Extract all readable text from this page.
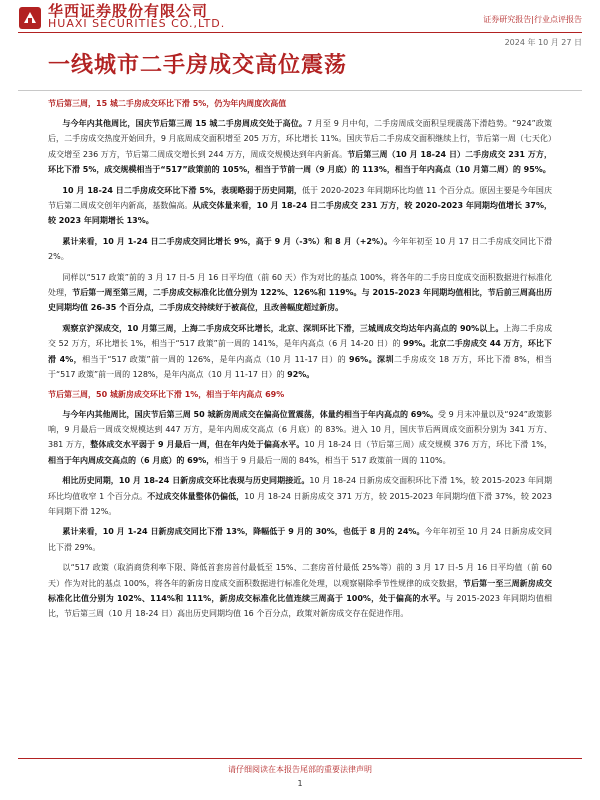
华西证券股份有限公司
HUAXI SECURITIES CO.,LTD.	证券研究报告|行业点评报告
2024 年 10 月 27 日
一线城市二手房成交高位震荡
节后第三周，15 城二手房成交环比下滑 5%，仍为年内周度次高值

与今年内其他周比，国庆节后第三周 15 城二手房周成交处于高位。7 月至 9 月中旬，二手房周成交面积呈现震荡下滑趋势。“924”政策后，二手房成交热度开始回升，9 月底周成交面积增至 205 万方，环比增长 11%。国庆节后二手房成交面积继续上行，节后第一周（七天化）成交增至 236 万方，节后第二周成交增长到 244 万方，周成交规模达到年内新高。节后第三周（10 月 18-24 日）二手房成交 231 万方，环比下滑 5%，成交规模相当于“517”政策前的 105%，相当于节前一周（9 月底）的 113%，相当于年内高点（10 月第二周）的 95%。

10 月 18-24 日二手房成交环比下滑 5%，表现略弱于历史同期，低于 2020-2023 年同期环比均值 11 个百分点。原因主要是今年国庆节后第二周成交创年内新高，基数偏高。从成交体量来看，10 月 18-24 日二手房成交 231 万方，较 2020-2023 年同期均值增长 37%，较 2023 年同期增长 13%。

累计来看，10 月 1-24 日二手房成交同比增长 9%，高于 9 月（-3%）和 8 月（+2%）。今年年初至 10 月 17 日二手房成交同比下滑 2%。

同样以“517 政策”前的 3 月 17 日-5 月 16 日平均值（前 60 天）作为对比的基点 100%，将各年的二手房日度成交面积数据进行标准化处理，节后第一周至第三周，二手房成交标准化比值分别为 122%、126%和 119%。与 2015-2023 年同期均值相比，节后前三周高出历史同期均值 26-35 个百分点，二手房成交持续好于被高位，且改善幅度超过新房。

观察京沪深成交，10 月第三周，上海二手房成交环比增长，北京、深圳环比下滑，三城周成交均达年内高点的 90%以上。上海二手房成交 52 万方，环比增长 1%，相当于“517 政策”前一周的 141%，是年内高点（6 月 14-20 日）的 99%。北京二手房成交 44 万方，环比下滑 4%，相当于“517 政策”前一周的 126%，是年内高点（10 月 11-17 日）的 96%。深圳二手房成交 18 万方，环比下滑 8%，相当于“517 政策”前一周的 128%，是年内高点（10 月 11-17 日）的 92%。

节后第三周，50 城新房成交环比下滑 1%，相当于年内高点 69%

与今年内其他周比，国庆节后第三周 50 城新房周成交在偏高位置震荡，体量约相当于年内高点的 69%。受 9 月末冲量以及“924”政策影响，9 月最后一周成交规模达到 447 万方，是年内周成交高点（6 月底）的 83%。进入 10 月，国庆节后两周成交面积分别为 341 万方、381 万方，整体成交水平弱于 9 月最后一周，但在年内处于偏高水平。10 月 18-24 日（节后第三周）成交规模 376 万方，环比下滑 1%，相当于年内周成交高点的（6 月底）的 69%，相当于 9 月最后一周的 84%，相当于 517 政策前一周的 110%。

相比历史同期，10 月 18-24 日新房成交环比表现与历史同期接近。10 月 18-24 日新房成交面积环比下滑 1%，较 2015-2023 年同期环比均值收窄 1 个百分点。不过成交体量整体仍偏低，10 月 18-24 日新房成交 371 万方，较 2015-2023 年同期均值下滑 37%，较 2023 年同期下滑 12%。

累计来看，10 月 1-24 日新房成交同比下滑 13%，降幅低于 9 月的 30%，也低于 8 月的 24%。今年年初至 10 月 24 日新房成交同比下滑 29%。

以“517 政策（取消商贷利率下限、降低首套房首付最低至 15%、二套房首付最低 25%等）前的 3 月 17 日-5 月 16 日平均值（前 60 天）作为对比的基点 100%，将各年的新房日度成交面积数据进行标准化处理，以观察剔除季节性规律的成交数据，节后第一至三周新房成交标准化比值分别为 102%、114%和 111%，新房成交标准化比值连续三周高于 100%，处于偏高的水平。与 2015-2023 年同期均值相比，节后第三周（10 月 18-24 日）高出历史同期均值 16 个百分点，政策对新房成交存在促进作用。

请仔细阅读在本报告尾部的重要法律声明
1
